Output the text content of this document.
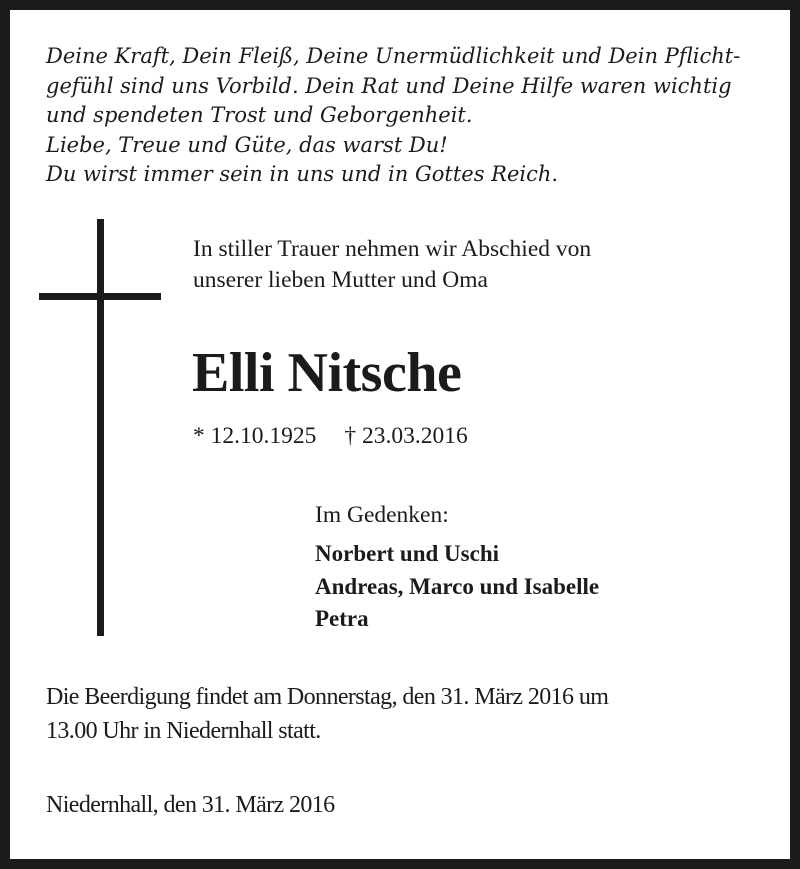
Deine Kraft, Dein Fleiß, Deine Unermüdlichkeit und Dein Pflicht-
gefühl sind uns Vorbild. Dein Rat und Deine Hilfe waren wichtig
und spendeten Trost und Geborgenheit.
Liebe, Treue und Güte, das warst Du!
Du wirst immer sein in uns und in Gottes Reich.
In stiller Trauer nehmen wir Abschied von
unserer lieben Mutter und Oma
Elli Nitsche
* 12.10.1925 † 23.03.2016
Im Gedenken:
Norbert und Uschi
Andreas, Marco und Isabelle
Petra
Die Beerdigung findet am Donnerstag, den 31. März 2016 um
13.00 Uhr in Niedernhall statt.
Niedernhall, den 31. März 2016
